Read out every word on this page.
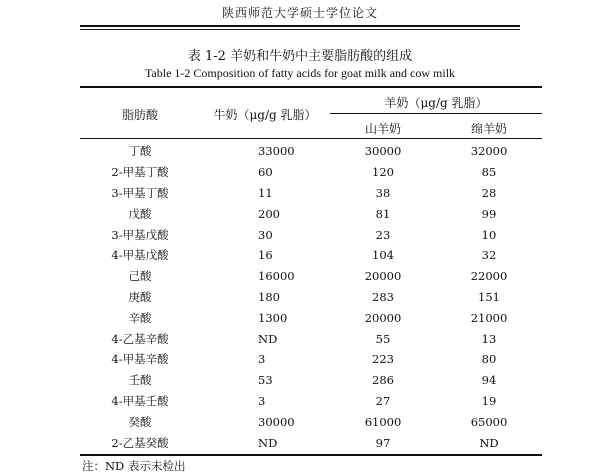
陕西师范大学硕士学位论文
表 1-2 羊奶和牛奶中主要脂肪酸的组成
Table 1-2 Composition of fatty acids for goat milk and cow milk
脂肪酸	牛奶（μg/g 乳脂）
羊奶（μg/g 乳脂）
山羊奶	绵羊奶
丁酸	33000	30000	32000
2-甲基丁酸	60	120	85
3-甲基丁酸	11	38	28
戊酸	200	81	99
3-甲基戊酸	30	23	10
4-甲基戊酸	16	104	32
己酸	16000	20000	22000
庚酸	180	283	151
辛酸	1300	20000	21000
4-乙基辛酸	ND	55	13
4-甲基辛酸	3	223	80
壬酸	53	286	94
4-甲基壬酸	3	27	19
癸酸	30000	61000	65000
2-乙基癸酸	ND	97	ND
注：ND 表示未检出
